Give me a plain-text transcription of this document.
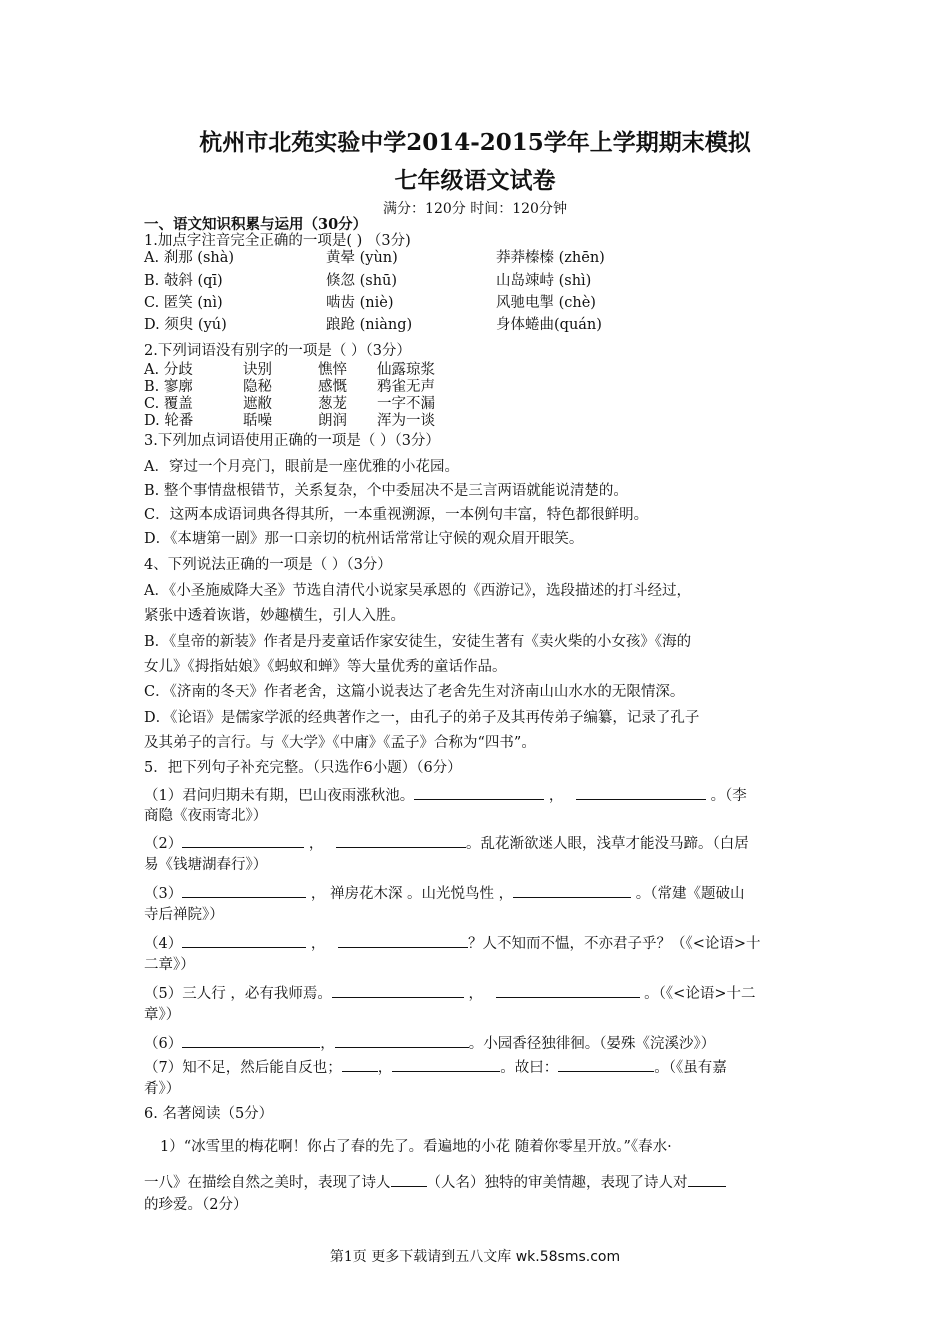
杭州市北苑实验中学2014-2015学年上学期期末模拟
七年级语文试卷
满分：120分 时间：120分钟
一、语文知识积累与运用（30分）
1.加点字注音完全正确的一项是( ) （3分)
A. 刹那 (shà)	黄晕 (yùn)	莽莽榛榛 (zhēn)
B. 攲斜 (qī)	倏忽 (shū)	山岛竦峙 (shì)
C. 匿笑 (nì)	啮齿 (niè)	风驰电掣 (chè)
D. 须臾 (yú)	踉跄 (niàng)	身体蜷曲(quán)
2.下列词语没有别字的一项是（ ）（3分）
A. 分歧	诀别	憔悴 仙露琼浆
B. 寥廓	隐秘	感慨 鸦雀无声
C. 覆盖	遮敝	葱茏 一字不漏
D. 轮番	聒噪	朗润 浑为一谈
3.下列加点词语使用正确的一项是（ ）（3分）
A．穿过一个月亮门，眼前是一座优雅的小花园。
B. 整个事情盘根错节，关系复杂，个中委屈决不是三言两语就能说清楚的。
C．这两本成语词典各得其所，一本重视溯源，一本例句丰富，特色都很鲜明。
D．《本塘第一剧》那一口亲切的杭州话常常让守候的观众眉开眼笑。
4、下列说法正确的一项是（ ）（3分）
A．《小圣施威降大圣》节选自清代小说家吴承恩的《西游记》，选段描述的打斗经过，
紧张中透着诙谐，妙趣横生，引人入胜。
B．《皇帝的新装》作者是丹麦童话作家安徒生，安徒生著有《卖火柴的小女孩》《海的
女儿》《拇指姑娘》《蚂蚁和蝉》等大量优秀的童话作品。
C．《济南的冬天》作者老舍，这篇小说表达了老舍先生对济南山山水水的无限情深。
D．《论语》是儒家学派的经典著作之一，由孔子的弟子及其再传弟子编纂，记录了孔子
及其弟子的言行。与《大学》《中庸》《孟子》合称为“四书”。
5．把下列句子补充完整。（只选作6小题）（6分）
（1）君问归期未有期，巴山夜雨涨秋池。	，	。（李
商隐《夜雨寄北》）
（2）	，	。乱花渐欲迷人眼，浅草才能没马蹄。（白居
易《钱塘湖春行》）
（3）	， 禅房花木深 。山光悦鸟性 ，	。（常建《题破山
寺后禅院》）
（4）	，	？人不知而不愠，不亦君子乎？（《<论语>十
二章》）
（5）三人行 ，必有我师焉。	，	。（《<论语>十二
章》）
（6）	，	。小园香径独徘徊。（晏殊《浣溪沙》）
（7）知不足，然后能自反也； ，	。故曰：	。（《虽有嘉
肴》）
6. 名著阅读（5分）
1）“冰雪里的梅花啊！你占了春的先了。看遍地的小花 随着你零星开放。”《春水·
一八》在描绘自然之美时，表现了诗人 （人名）独特的审美情趣，表现了诗人对
的珍爱。（2分）
第1页 更多下载请到五八文库 wk.58sms.com
